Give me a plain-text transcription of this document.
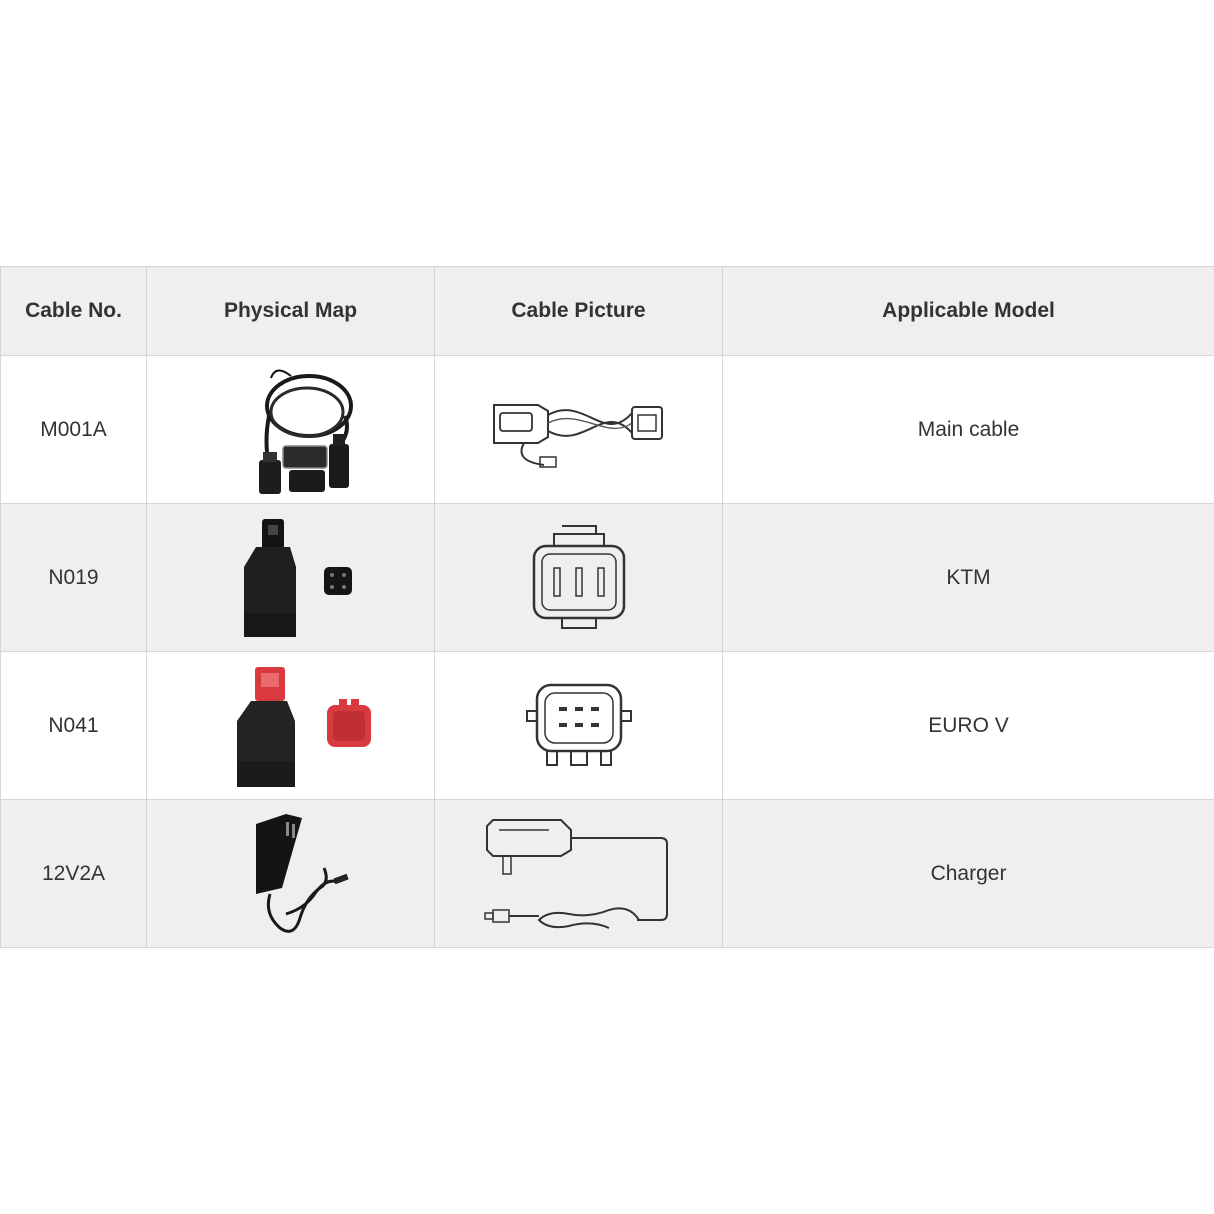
Cable No.	Physical Map	Cable Picture	Applicable Model
M001A			Main cable
N019			KTM
N041			EURO V
12V2A			Charger
